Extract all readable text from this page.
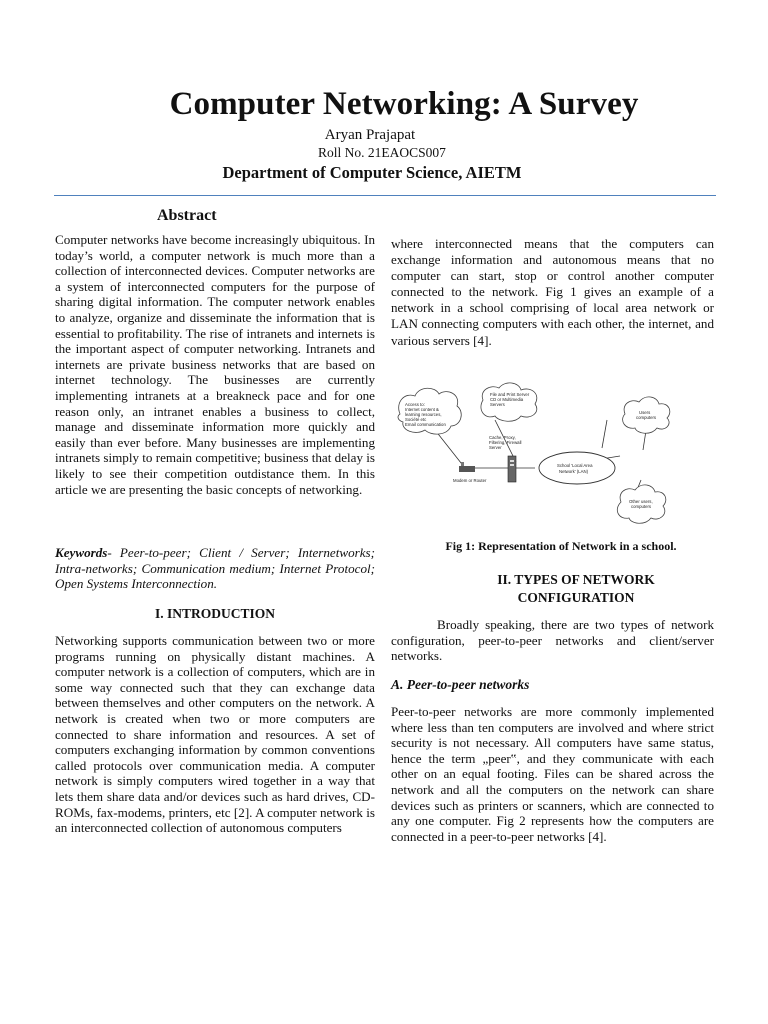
Computer Networking: A Survey
Aryan Prajapat
Roll No. 21EAOCS007
Department of Computer Science, AIETM
Abstract

Computer networks have become increasingly ubiquitous. In today’s world, a computer network is much more than a collection of interconnected devices. Computer networks are a system of interconnected computers for the purpose of sharing digital information. The computer network enables to analyze, organize and disseminate the information that is essential to profitability. The rise of intranets and internets is the important aspect of computer networking. Intranets and internets are private business networks that are based on internet technology. The businesses are currently implementing intranets at a breakneck pace and for one reason only, an intranet enables a business to collect, manage and disseminate information more quickly and easily than ever before. Many businesses are implementing intranets simply to remain competitive; business that delay is likely to see their competition outdistance them. In this article we are presenting the basic concepts of networking.

Keywords- Peer-to-peer; Client / Server; Internetworks; Intra-networks; Communication medium; Internet Protocol; Open Systems Interconnection.

I. INTRODUCTION

Networking supports communication between two or more programs running on physically distant machines. A computer network is a collection of computers, which are in some way connected such that they can exchange data between themselves and other computers on the network. A network is created when two or more computers are connected to share information and resources. A set of computers exchanging information by common conventions called protocols over communication media. A computer network is simply computers wired together in a way that lets them share data and/or devices such as hard drives, CD-ROMs, fax-modems, printers, etc [2]. A computer network is an interconnected collection of autonomous computers

where interconnected means that the computers can exchange information and autonomous means that no computer can start, stop or control another computer connected to the network. Fig 1 gives an example of a network in a school comprising of local area network or LAN connecting computers with each other, the internet, and various servers [4].

Access to:
Internet content &
learning resources,
Société etc
Email communication
File and Print Server
CD or Multimedia
Servers
Cache, Proxy,
Filtering, Firewall
Server
Users
computers
School 'Local Area
Network' (LAN)
Other users,
computers
Modem or Router

Fig 1: Representation of Network in a school.

II. TYPES OF NETWORK
CONFIGURATION

Broadly speaking, there are two types of network configuration, peer-to-peer networks and client/server networks.

A. Peer-to-peer networks

Peer-to-peer networks are more commonly implemented where less than ten computers are involved and where strict security is not necessary. All computers have same status, hence the term „peer‟, and they communicate with each other on an equal footing. Files can be shared across the network and all the computers on the network can share devices such as printers or scanners, which are connected to any one computer. Fig 2 represents how the computers are connected in a peer-to-peer networks [4].
